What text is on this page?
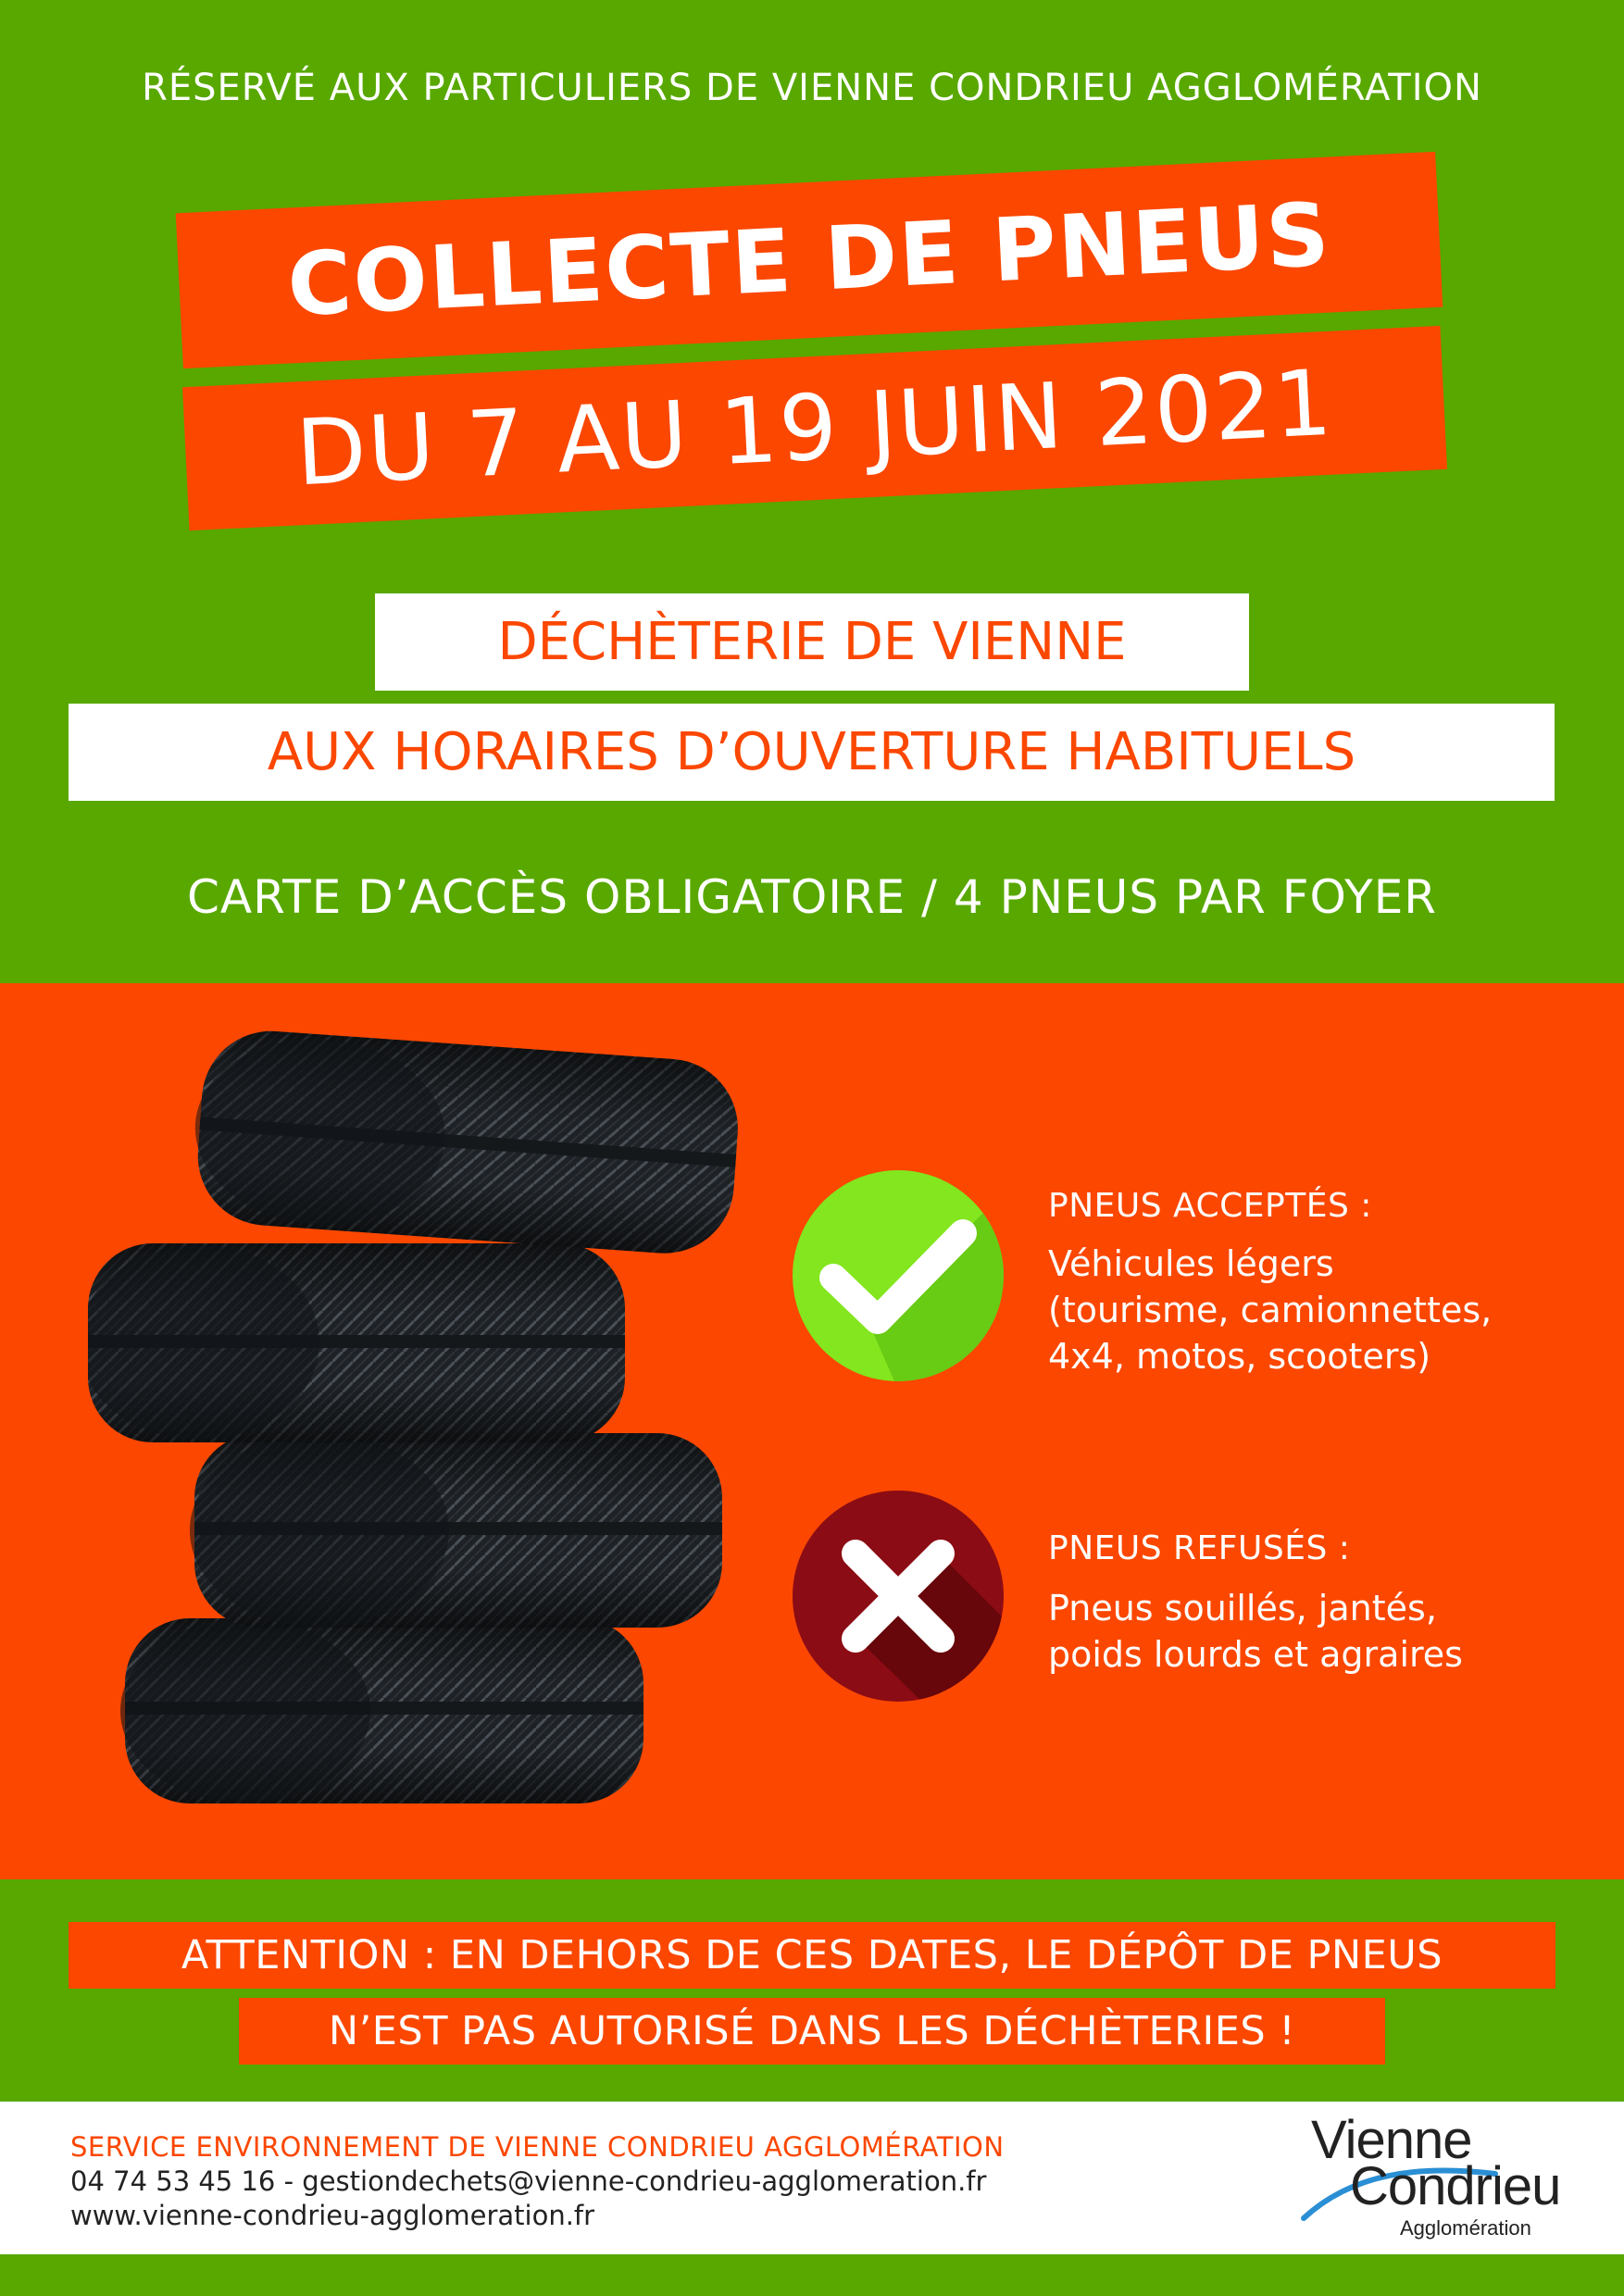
RÉSERVÉ AUX PARTICULIERS DE VIENNE CONDRIEU AGGLOMÉRATION
COLLECTE DE PNEUS
DU 7 AU 19 JUIN 2021
DÉCHÈTERIE DE VIENNE
AUX HORAIRES D’OUVERTURE HABITUELS
CARTE D’ACCÈS OBLIGATOIRE / 4 PNEUS PAR FOYER
PNEUS ACCEPTÉS :
Véhicules légers
(tourisme, camionnettes,
4x4, motos, scooters)
PNEUS REFUSÉS :
Pneus souillés, jantés,
poids lourds et agraires
ATTENTION : EN DEHORS DE CES DATES, LE DÉPÔT DE PNEUS
N’EST PAS AUTORISÉ DANS LES DÉCHÈTERIES !
SERVICE ENVIRONNEMENT DE VIENNE CONDRIEU AGGLOMÉRATION
04 74 53 45 16 - gestiondechets@vienne-condrieu-agglomeration.fr
www.vienne-condrieu-agglomeration.fr
Vienne
Condrieu
Agglomération
